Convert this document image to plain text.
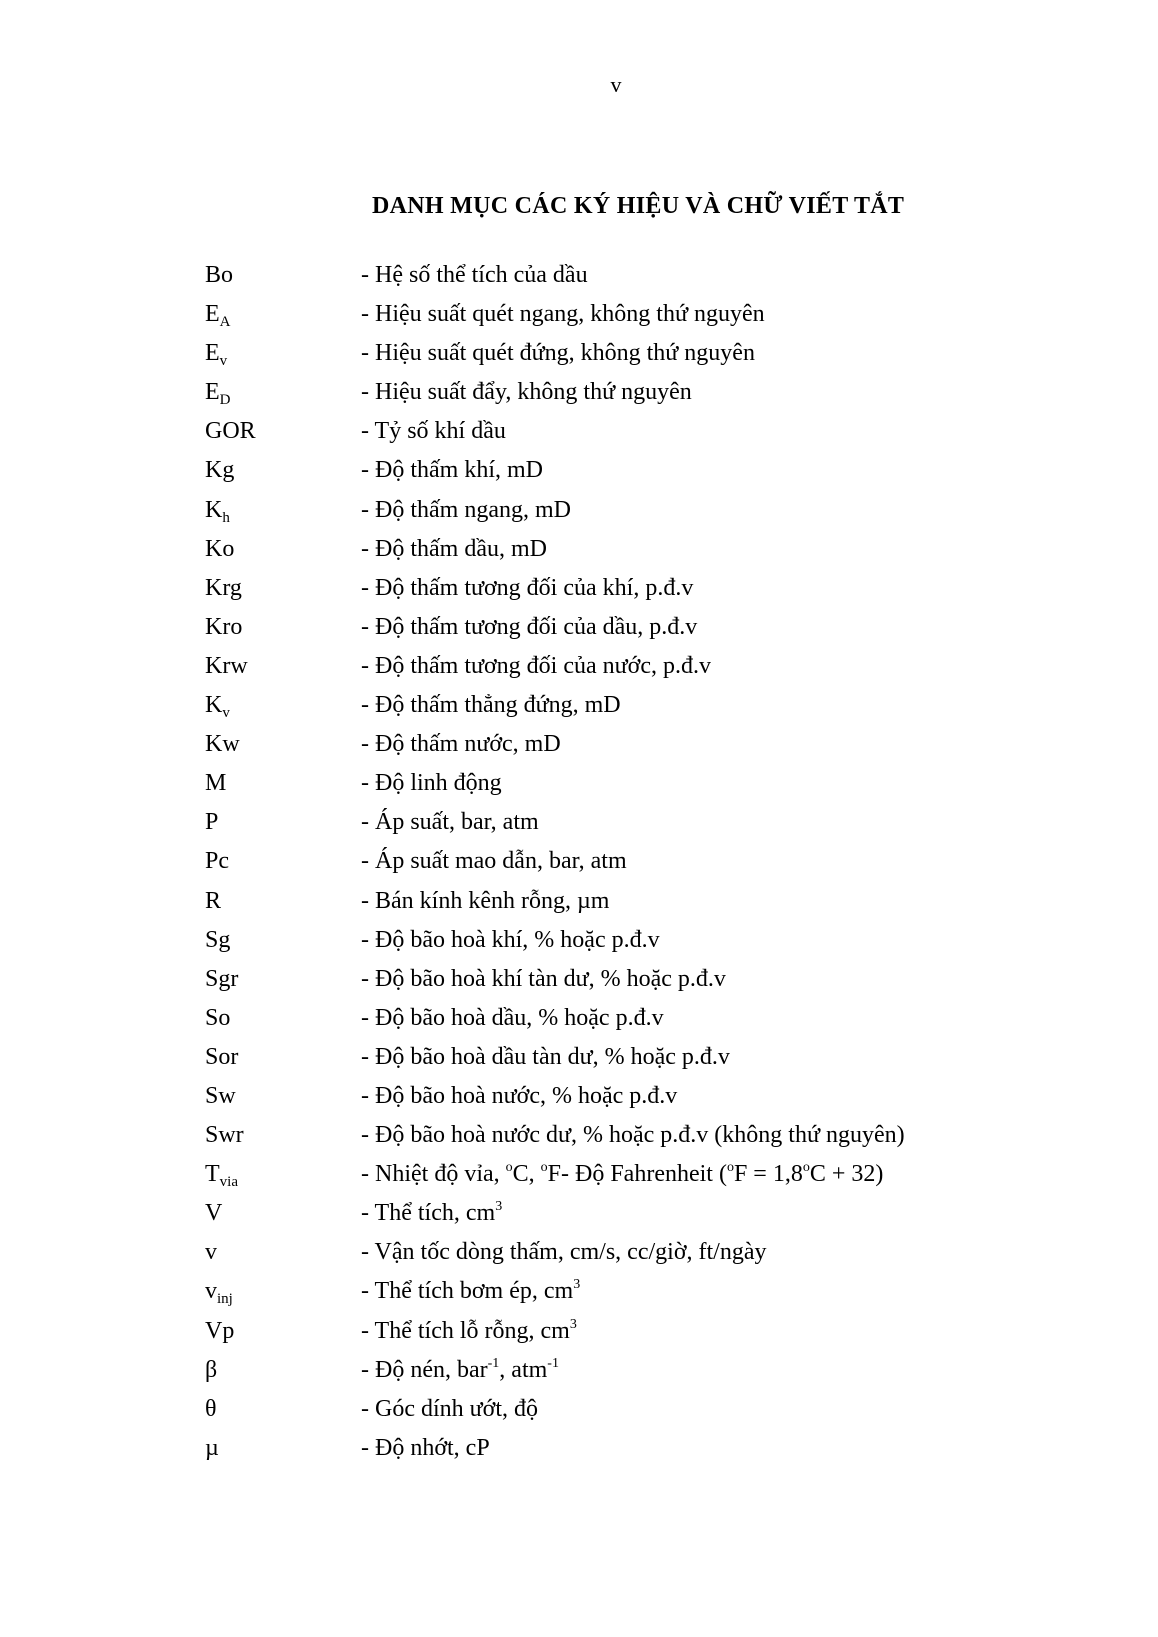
v
DANH MỤC CÁC KÝ HIỆU VÀ CHỮ VIẾT TẮT
Bo	- Hệ số thể tích của dầu
$E_A$	- Hiệu suất quét ngang, không thứ nguyên
$E_v$	- Hiệu suất quét đứng, không thứ nguyên
$E_D$	- Hiệu suất đẩy, không thứ nguyên
GOR	- Tỷ số khí dầu
Kg	- Độ thấm khí, mD
$K_h$	- Độ thấm ngang, mD
Ko	- Độ thấm dầu, mD
Krg	- Độ thấm tương đối của khí, p.đ.v
Kro	- Độ thấm tương đối của dầu, p.đ.v
Krw	- Độ thấm tương đối của nước, p.đ.v
$K_v$	- Độ thấm thẳng đứng, mD
Kw	- Độ thấm nước, mD
M	- Độ linh động
P	- Áp suất, bar, atm
Pc	- Áp suất mao dẫn, bar, atm
R	- Bán kính kênh rỗng, µm
Sg	- Độ bão hoà khí, % hoặc p.đ.v
Sgr	- Độ bão hoà khí tàn dư, % hoặc p.đ.v
So	- Độ bão hoà dầu, % hoặc p.đ.v
Sor	- Độ bão hoà dầu tàn dư, % hoặc p.đ.v
Sw	- Độ bão hoà nước, % hoặc p.đ.v
Swr	- Độ bão hoà nước dư, % hoặc p.đ.v (không thứ nguyên)
$T_{via}$	- Nhiệt độ vỉa, $^o$C, $^o$F- Độ Fahrenheit $(^oF = 1,8^oC + 32)$
V	- Thể tích, $cm^3$
v	- Vận tốc dòng thấm, cm/s, cc/giờ, ft/ngày
$v_{inj}$	- Thể tích bơm ép, $cm^3$
Vp	- Thể tích lỗ rỗng, $cm^3$
β	- Độ nén, bar$^{-1}$, atm$^{-1}$
θ	- Góc dính ướt, độ
µ	- Độ nhớt, cP
